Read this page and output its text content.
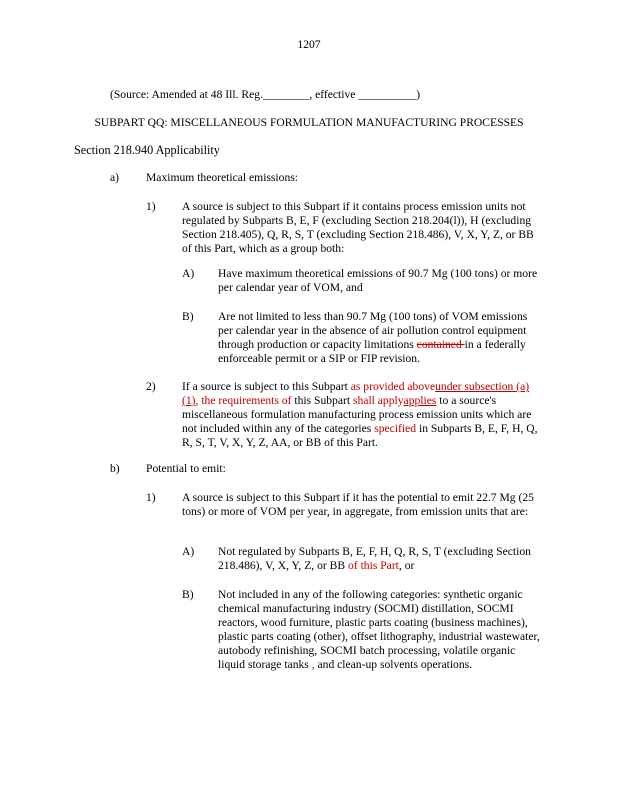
1207
(Source: Amended at 48 Ill. Reg.________, effective __________)
SUBPART QQ: MISCELLANEOUS FORMULATION MANUFACTURING PROCESSES
Section 218.940 Applicability
a) Maximum theoretical emissions:
1) A source is subject to this Subpart if it contains process emission units not regulated by Subparts B, E, F (excluding Section 218.204(l)), H (excluding Section 218.405), Q, R, S, T (excluding Section 218.486), V, X, Y, Z, or BB of this Part, which as a group both:
A) Have maximum theoretical emissions of 90.7 Mg (100 tons) or more per calendar year of VOM, and
B) Are not limited to less than 90.7 Mg (100 tons) of VOM emissions per calendar year in the absence of air pollution control equipment through production or capacity limitations contained in a federally enforceable permit or a SIP or FIP revision.
2) If a source is subject to this Subpart as provided aboveunder subsection (a)(1), the requirements of this Subpart shall applyapplies to a source's miscellaneous formulation manufacturing process emission units which are not included within any of the categories specified in Subparts B, E, F, H, Q, R, S, T, V, X, Y, Z, AA, or BB of this Part.
b) Potential to emit:
1) A source is subject to this Subpart if it has the potential to emit 22.7 Mg (25 tons) or more of VOM per year, in aggregate, from emission units that are:
A) Not regulated by Subparts B, E, F, H, Q, R, S, T (excluding Section 218.486), V, X, Y, Z, or BB of this Part, or
B) Not included in any of the following categories: synthetic organic chemical manufacturing industry (SOCMI) distillation, SOCMI reactors, wood furniture, plastic parts coating (business machines), plastic parts coating (other), offset lithography, industrial wastewater, autobody refinishing, SOCMI batch processing, volatile organic liquid storage tanks , and clean-up solvents operations.
